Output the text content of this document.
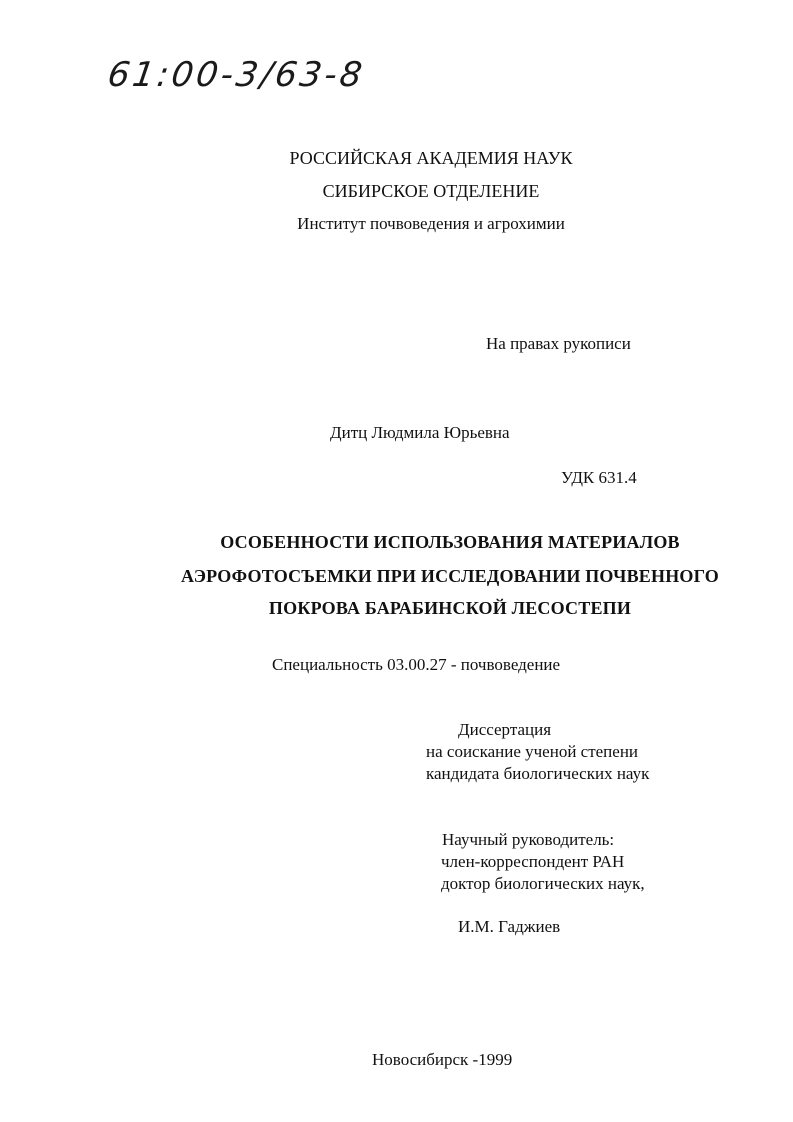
61:00-3/63-8
РОССИЙСКАЯ АКАДЕМИЯ НАУК
СИБИРСКОЕ ОТДЕЛЕНИЕ
Институт почвоведения и агрохимии
На правах рукописи
Дитц Людмила Юрьевна
УДК 631.4
ОСОБЕННОСТИ ИСПОЛЬЗОВАНИЯ МАТЕРИАЛОВ
АЭРОФОТОСЪЕМКИ ПРИ ИССЛЕДОВАНИИ ПОЧВЕННОГО
ПОКРОВА БАРАБИНСКОЙ ЛЕСОСТЕПИ
Специальность 03.00.27 - почвоведение
Диссертация
на соискание ученой степени
кандидата биологических наук
Научный руководитель:
член-корреспондент РАН
доктор биологических наук,
И.М. Гаджиев
Новосибирск -1999
